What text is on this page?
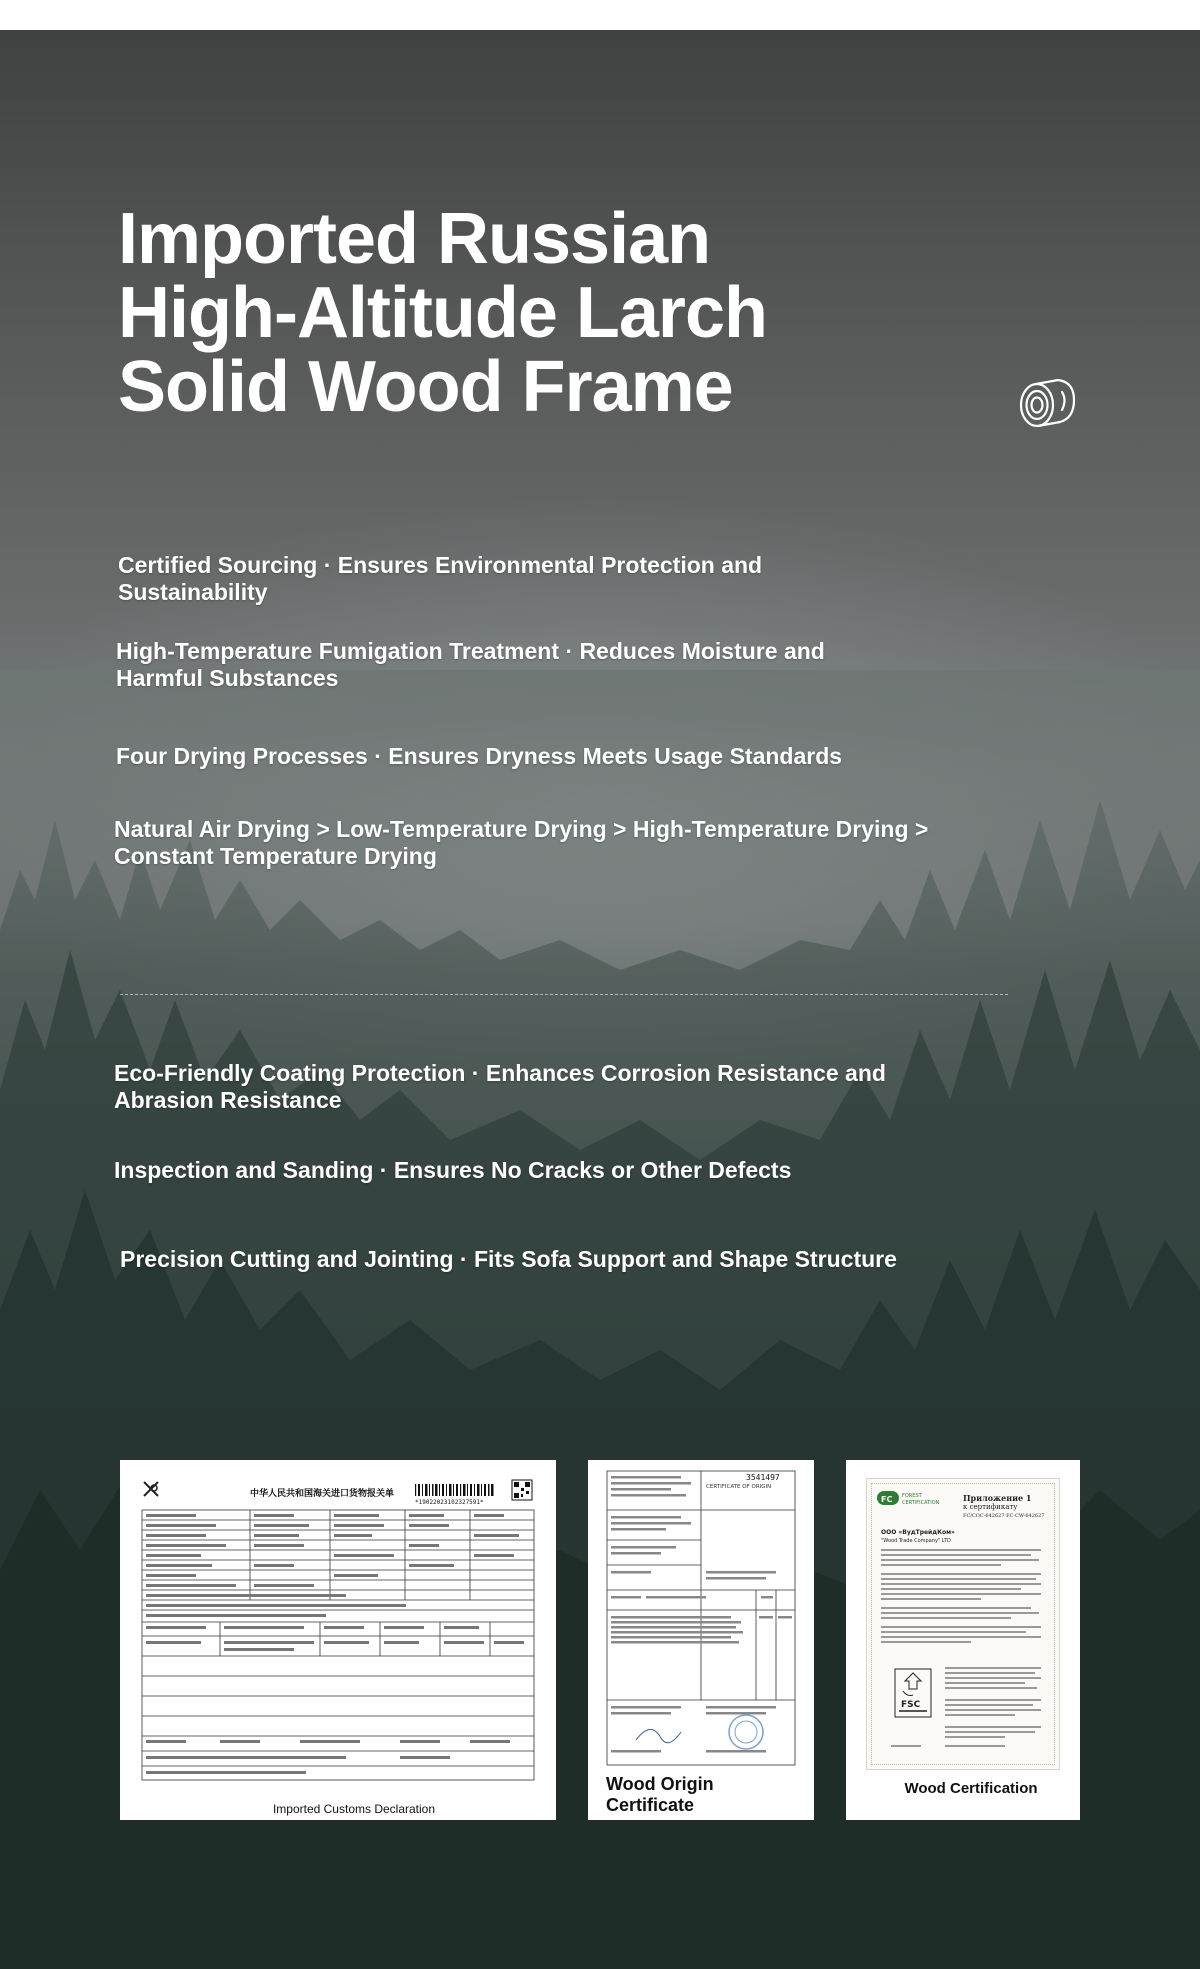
Imported Russian
High-Altitude Larch
Solid Wood Frame

Certified Sourcing · Ensures Environmental Protection and Sustainability

High-Temperature Fumigation Treatment · Reduces Moisture and Harmful Substances

Four Drying Processes · Ensures Dryness Meets Usage Standards

Natural Air Drying > Low-Temperature Drying > High-Temperature Drying > Constant Temperature Drying

Eco-Friendly Coating Protection · Enhances Corrosion Resistance and Abrasion Resistance

Inspection and Sanding · Ensures No Cracks or Other Defects

Precision Cutting and Jointing · Fits Sofa Support and Shape Structure

中华人民共和国海关进口货物报关单
*19022023102327591*
Imported Customs Declaration
CERTIFICATE OF ORIGIN
3541497
Wood Origin Certificate
FC FOREST
CERTIFICATION	Приложение 1
к сертификату
FC/COC-642627 FC-CW-642627
ООО «ВудТрейдКом»
"Wood Trade Company" LTD
FSC
Wood Certification
